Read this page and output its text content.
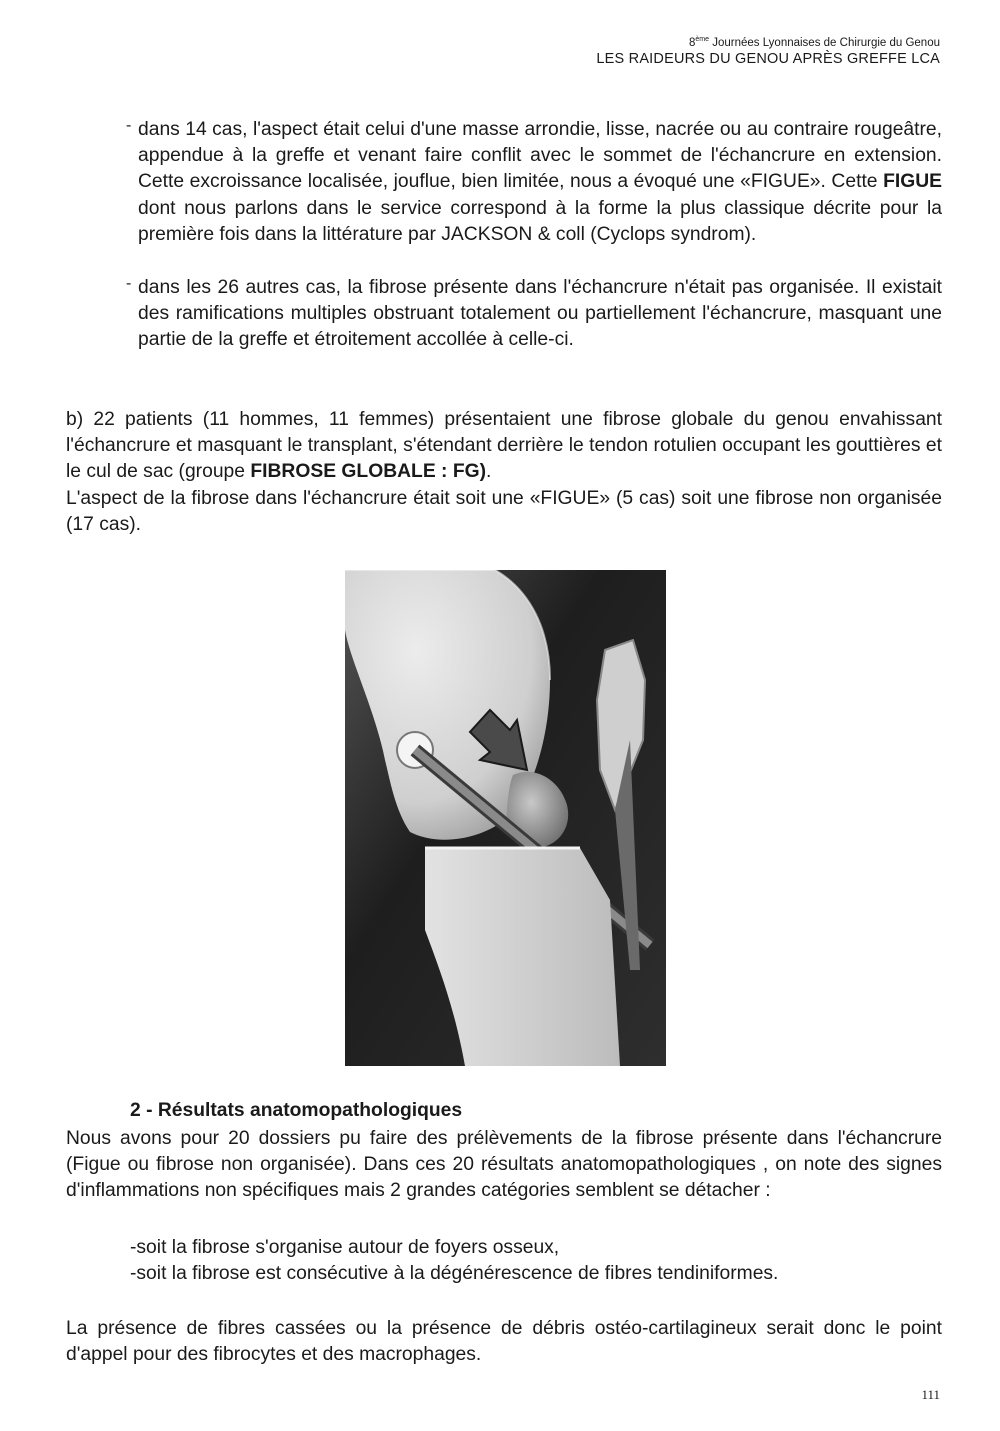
8ème Journées Lyonnaises de Chirurgie du Genou
LES RAIDEURS DU GENOU APRÈS GREFFE LCA
- dans 14 cas, l'aspect était celui d'une masse arrondie, lisse, nacrée ou au contraire rougeâtre, appendue à la greffe et venant faire conflit avec le sommet de l'échancrure en extension. Cette excroissance localisée, jouflue, bien limitée, nous a évoqué une «FIGUE». Cette FIGUE dont nous parlons dans le service correspond à la forme la plus classique décrite pour la première fois dans la littérature par JACKSON & coll (Cyclops syndrom).
- dans les 26 autres cas, la fibrose présente dans l'échancrure n'était pas organisée. Il existait des ramifications multiples obstruant totalement ou partiellement l'échancrure, masquant une partie de la greffe et étroitement accollée à celle-ci.
b) 22 patients (11 hommes, 11 femmes) présentaient une fibrose globale du genou envahissant l'échancrure et masquant le transplant, s'étendant derrière le tendon rotulien occupant les gouttières et le cul de sac (groupe FIBROSE GLOBALE : FG).
L'aspect de la fibrose dans l'échancrure était soit une «FIGUE» (5 cas) soit une fibrose non organisée (17 cas).
2 - Résultats anatomopathologiques
Nous avons pour 20 dossiers pu faire des prélèvements de la fibrose présente dans l'échancrure (Figue ou fibrose non organisée). Dans ces 20 résultats anatomopathologiques , on note des signes d'inflammations non spécifiques mais 2 grandes catégories semblent se détacher :
-soit la fibrose s'organise autour de foyers osseux,
-soit la fibrose est consécutive à la dégénérescence de fibres tendiniformes.
La présence de fibres cassées ou la présence de débris ostéo-cartilagineux serait donc le point d'appel pour des fibrocytes et des macrophages.
111
